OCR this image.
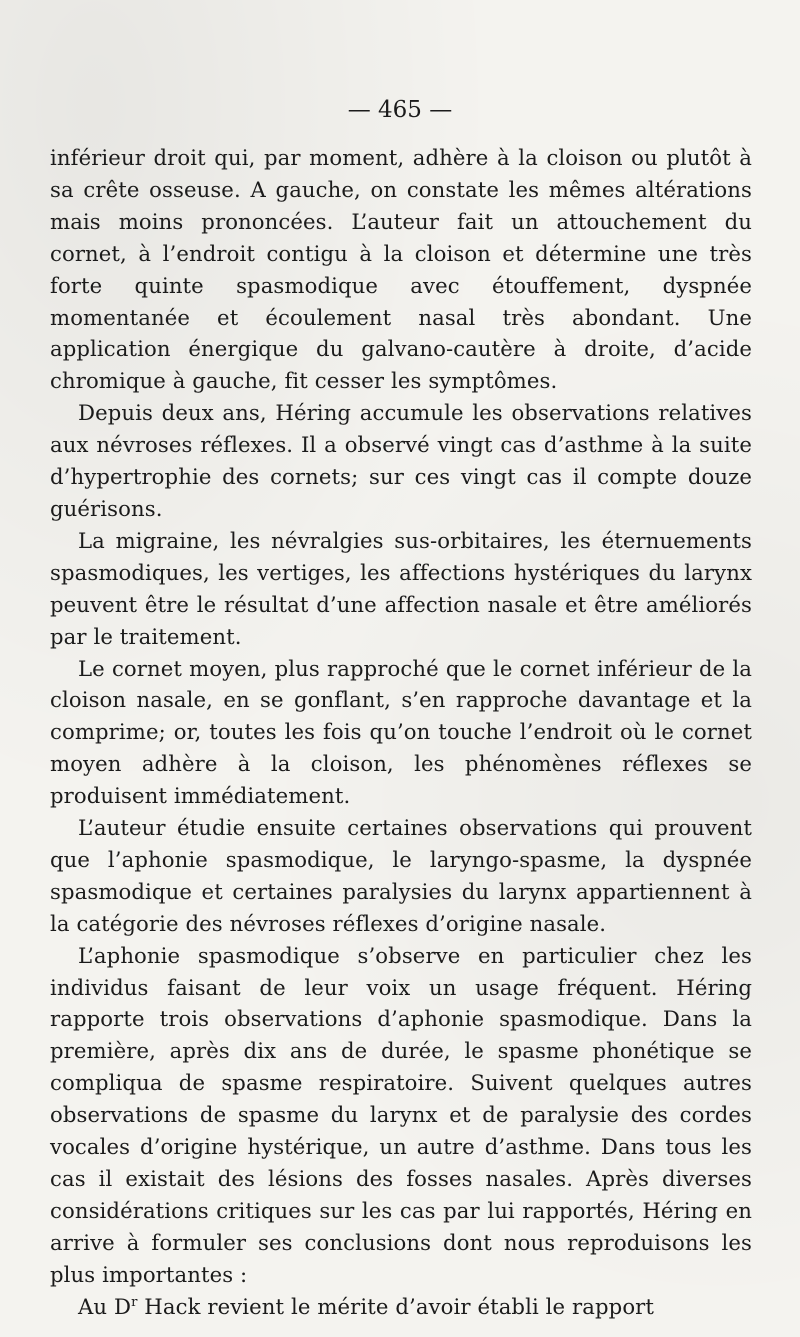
— 465 —

inférieur droit qui, par moment, adhère à la cloison ou plutôt à sa crête osseuse. A gauche, on constate les mêmes altérations mais moins prononcées. L’auteur fait un attouchement du cornet, à l’endroit contigu à la cloison et détermine une très forte quinte spasmodique avec étouffement, dyspnée momentanée et écoulement nasal très abondant. Une application énergique du galvano-cautère à droite, d’acide chromique à gauche, fit cesser les symptômes.

Depuis deux ans, Héring accumule les observations relatives aux névroses réflexes. Il a observé vingt cas d’asthme à la suite d’hypertrophie des cornets; sur ces vingt cas il compte douze guérisons.

La migraine, les névralgies sus-orbitaires, les éternuements spasmodiques, les vertiges, les affections hystériques du larynx peuvent être le résultat d’une affection nasale et être améliorés par le traitement.

Le cornet moyen, plus rapproché que le cornet inférieur de la cloison nasale, en se gonflant, s’en rapproche davantage et la comprime; or, toutes les fois qu’on touche l’endroit où le cornet moyen adhère à la cloison, les phénomènes réflexes se produisent immédiatement.

L’auteur étudie ensuite certaines observations qui prouvent que l’aphonie spasmodique, le laryngo-spasme, la dyspnée spasmodique et certaines paralysies du larynx appartiennent à la catégorie des névroses réflexes d’origine nasale.

L’aphonie spasmodique s’observe en particulier chez les individus faisant de leur voix un usage fréquent. Héring rapporte trois observations d’aphonie spasmodique. Dans la première, après dix ans de durée, le spasme phonétique se compliqua de spasme respiratoire. Suivent quelques autres observations de spasme du larynx et de paralysie des cordes vocales d’origine hystérique, un autre d’asthme. Dans tous les cas il existait des lésions des fosses nasales. Après diverses considérations critiques sur les cas par lui rapportés, Héring en arrive à formuler ses conclusions dont nous reproduisons les plus importantes :

Au $D^r$ Hack revient le mérite d’avoir établi le rapport
